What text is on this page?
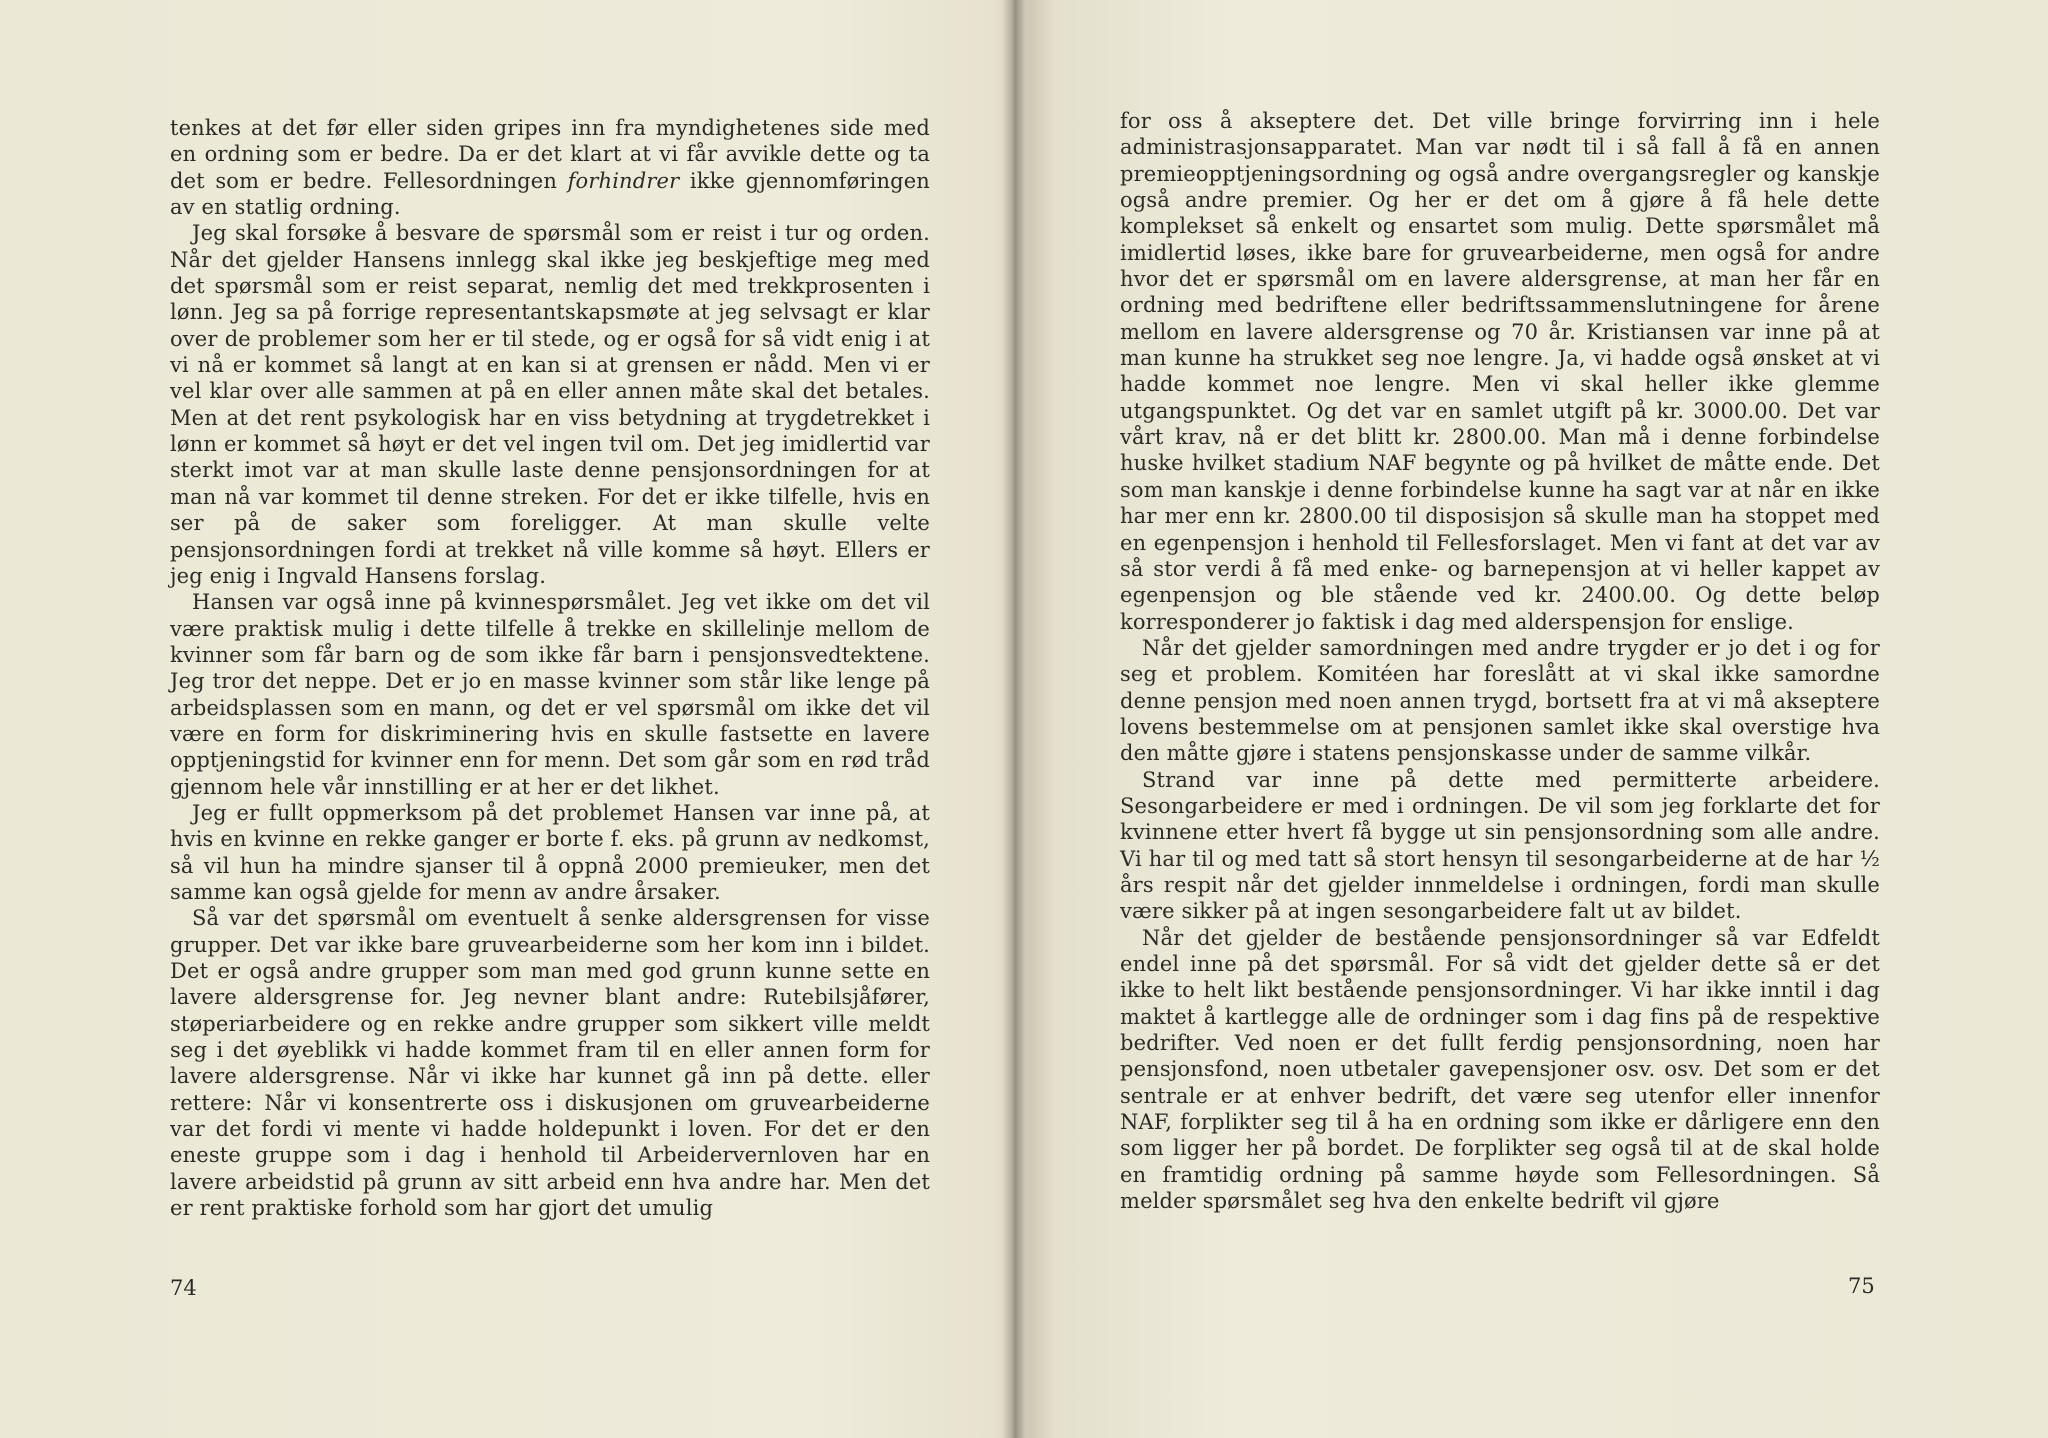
tenkes at det før eller siden gripes inn fra myndighetenes side med en ordning som er bedre. Da er det klart at vi får avvikle dette og ta det som er bedre. Fellesordningen forhindrer ikke gjennomføringen av en statlig ordning.

Jeg skal forsøke å besvare de spørsmål som er reist i tur og orden. Når det gjelder Hansens innlegg skal ikke jeg beskjeftige meg med det spørsmål som er reist separat, nemlig det med trekkprosenten i lønn. Jeg sa på forrige representantskapsmøte at jeg selvsagt er klar over de problemer som her er til stede, og er også for så vidt enig i at vi nå er kommet så langt at en kan si at grensen er nådd. Men vi er vel klar over alle sammen at på en eller annen måte skal det betales. Men at det rent psykologisk har en viss betydning at trygdetrekket i lønn er kommet så høyt er det vel ingen tvil om. Det jeg imidlertid var sterkt imot var at man skulle laste denne pensjonsordningen for at man nå var kommet til denne streken. For det er ikke tilfelle, hvis en ser på de saker som foreligger. At man skulle velte pensjonsordningen fordi at trekket nå ville komme så høyt. Ellers er jeg enig i Ingvald Hansens forslag.

Hansen var også inne på kvinnespørsmålet. Jeg vet ikke om det vil være praktisk mulig i dette tilfelle å trekke en skillelinje mellom de kvinner som får barn og de som ikke får barn i pensjonsvedtektene. Jeg tror det neppe. Det er jo en masse kvinner som står like lenge på arbeidsplassen som en mann, og det er vel spørsmål om ikke det vil være en form for diskriminering hvis en skulle fastsette en lavere opptjeningstid for kvinner enn for menn. Det som går som en rød tråd gjennom hele vår innstilling er at her er det likhet.

Jeg er fullt oppmerksom på det problemet Hansen var inne på, at hvis en kvinne en rekke ganger er borte f. eks. på grunn av nedkomst, så vil hun ha mindre sjanser til å oppnå 2000 premieuker, men det samme kan også gjelde for menn av andre årsaker.

Så var det spørsmål om eventuelt å senke aldersgrensen for visse grupper. Det var ikke bare gruvearbeiderne som her kom inn i bildet. Det er også andre grupper som man med god grunn kunne sette en lavere aldersgrense for. Jeg nevner blant andre: Rutebilsjåfører, støperiarbeidere og en rekke andre grupper som sikkert ville meldt seg i det øyeblikk vi hadde kommet fram til en eller annen form for lavere aldersgrense. Når vi ikke har kunnet gå inn på dette. eller rettere: Når vi konsentrerte oss i diskusjonen om gruvearbeiderne var det fordi vi mente vi hadde holdepunkt i loven. For det er den eneste gruppe som i dag i henhold til Arbeidervernloven har en lavere arbeidstid på grunn av sitt arbeid enn hva andre har. Men det er rent praktiske forhold som har gjort det umulig

74

for oss å akseptere det. Det ville bringe forvirring inn i hele administrasjonsapparatet. Man var nødt til i så fall å få en annen premieopptjeningsordning og også andre overgangsregler og kanskje også andre premier. Og her er det om å gjøre å få hele dette komplekset så enkelt og ensartet som mulig. Dette spørsmålet må imidlertid løses, ikke bare for gruvearbeiderne, men også for andre hvor det er spørsmål om en lavere aldersgrense, at man her får en ordning med bedriftene eller bedriftssammenslutningene for årene mellom en lavere aldersgrense og 70 år. Kristiansen var inne på at man kunne ha strukket seg noe lengre. Ja, vi hadde også ønsket at vi hadde kommet noe lengre. Men vi skal heller ikke glemme utgangspunktet. Og det var en samlet utgift på kr. 3000.00. Det var vårt krav, nå er det blitt kr. 2800.00. Man må i denne forbindelse huske hvilket stadium NAF begynte og på hvilket de måtte ende. Det som man kanskje i denne forbindelse kunne ha sagt var at når en ikke har mer enn kr. 2800.00 til disposisjon så skulle man ha stoppet med en egenpensjon i henhold til Fellesforslaget. Men vi fant at det var av så stor verdi å få med enke- og barnepensjon at vi heller kappet av egenpensjon og ble stående ved kr. 2400.00. Og dette beløp korresponderer jo faktisk i dag med alderspensjon for enslige.

Når det gjelder samordningen med andre trygder er jo det i og for seg et problem. Komitéen har foreslått at vi skal ikke samordne denne pensjon med noen annen trygd, bortsett fra at vi må akseptere lovens bestemmelse om at pensjonen samlet ikke skal overstige hva den måtte gjøre i statens pensjonskasse under de samme vilkår.

Strand var inne på dette med permitterte arbeidere. Sesongarbeidere er med i ordningen. De vil som jeg forklarte det for kvinnene etter hvert få bygge ut sin pensjonsordning som alle andre. Vi har til og med tatt så stort hensyn til sesongarbeiderne at de har ½ års respit når det gjelder innmeldelse i ordningen, fordi man skulle være sikker på at ingen sesongarbeidere falt ut av bildet.

Når det gjelder de bestående pensjonsordninger så var Edfeldt endel inne på det spørsmål. For så vidt det gjelder dette så er det ikke to helt likt bestående pensjonsordninger. Vi har ikke inntil i dag maktet å kartlegge alle de ordninger som i dag fins på de respektive bedrifter. Ved noen er det fullt ferdig pensjonsordning, noen har pensjonsfond, noen utbetaler gavepensjoner osv. osv. Det som er det sentrale er at enhver bedrift, det være seg utenfor eller innenfor NAF, forplikter seg til å ha en ordning som ikke er dårligere enn den som ligger her på bordet. De forplikter seg også til at de skal holde en framtidig ordning på samme høyde som Fellesordningen. Så melder spørsmålet seg hva den enkelte bedrift vil gjøre

75
